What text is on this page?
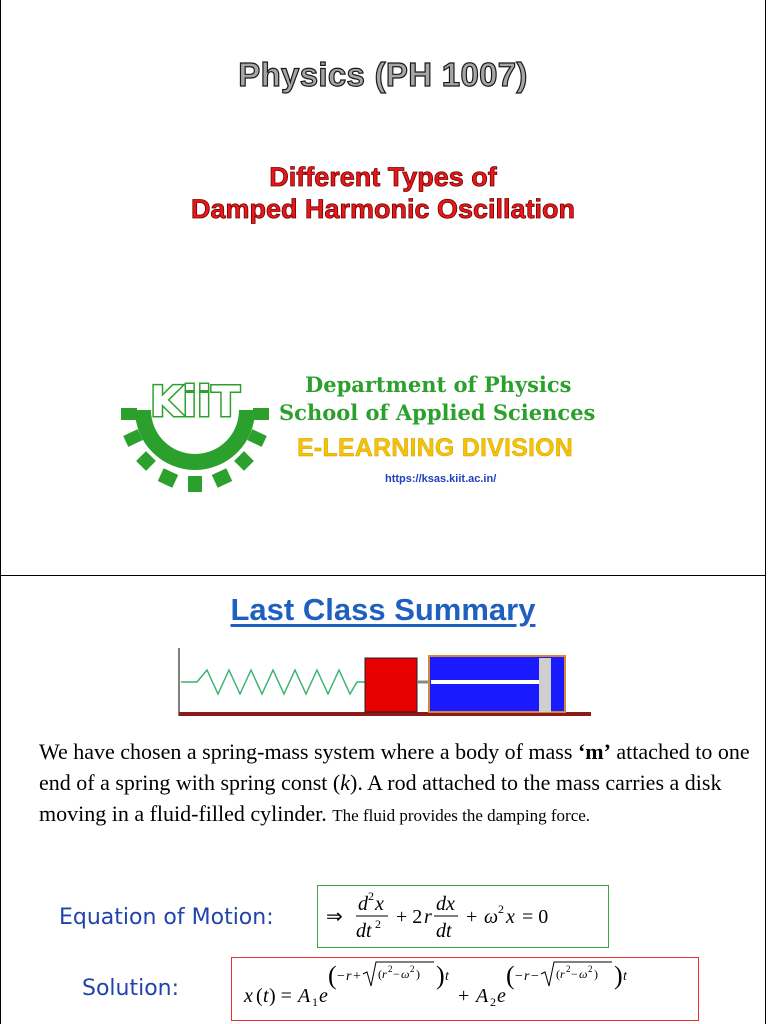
Physics (PH 1007)
Different Types of
Damped Harmonic Oscillation
KiiT	Department of Physics
School of Applied Sciences
E-LEARNING DIVISION
https://ksas.kiit.ac.in/
Last Class Summary
We have chosen a spring-mass system where a body of mass ‘m’ attached to one end of a spring with spring const (k). A rod attached to the mass carries a disk moving in a fluid-filled cylinder. The fluid provides the damping force.
Equation of Motion:	⇒
d 2 x
dt 2 + 2 r
dx
dt
+ ω 2 x = 0
Solution:	x ( t ) = A 1 e
( − r + ( r 2 − ω 2 ) ) t
+ A 2 e
( − r − ( r 2 − ω 2 ) ) t
